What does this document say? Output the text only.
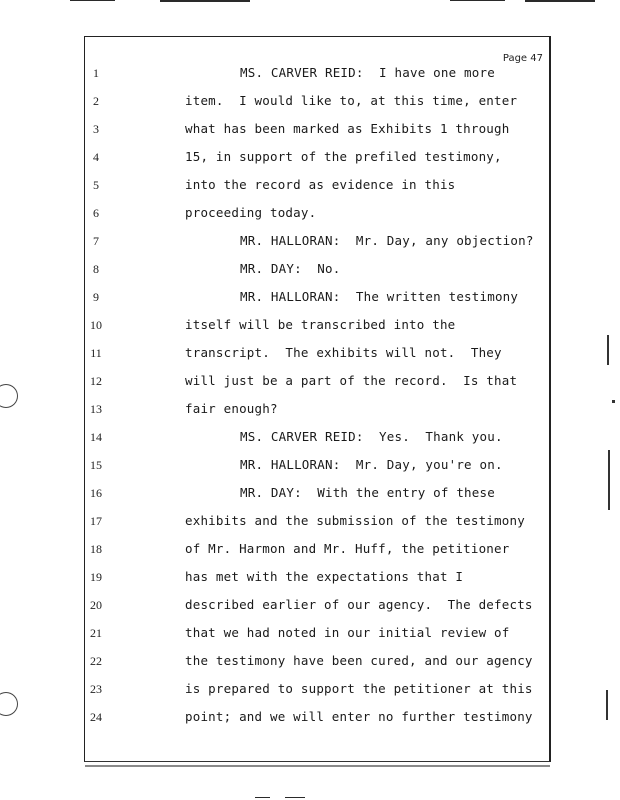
Page 47
1	MS. CARVER REID:  I have one more
2	item.  I would like to, at this time, enter
3	what has been marked as Exhibits 1 through
4	15, in support of the prefiled testimony,
5	into the record as evidence in this
6	proceeding today.
7	MR. HALLORAN:  Mr. Day, any objection?
8	MR. DAY:  No.
9	MR. HALLORAN:  The written testimony
10	itself will be transcribed into the
11	transcript.  The exhibits will not.  They
12	will just be a part of the record.  Is that
13	fair enough?
14	MS. CARVER REID:  Yes.  Thank you.
15	MR. HALLORAN:  Mr. Day, you're on.
16	MR. DAY:  With the entry of these
17	exhibits and the submission of the testimony
18	of Mr. Harmon and Mr. Huff, the petitioner
19	has met with the expectations that I
20	described earlier of our agency.  The defects
21	that we had noted in our initial review of
22	the testimony have been cured, and our agency
23	is prepared to support the petitioner at this
24	point; and we will enter no further testimony
